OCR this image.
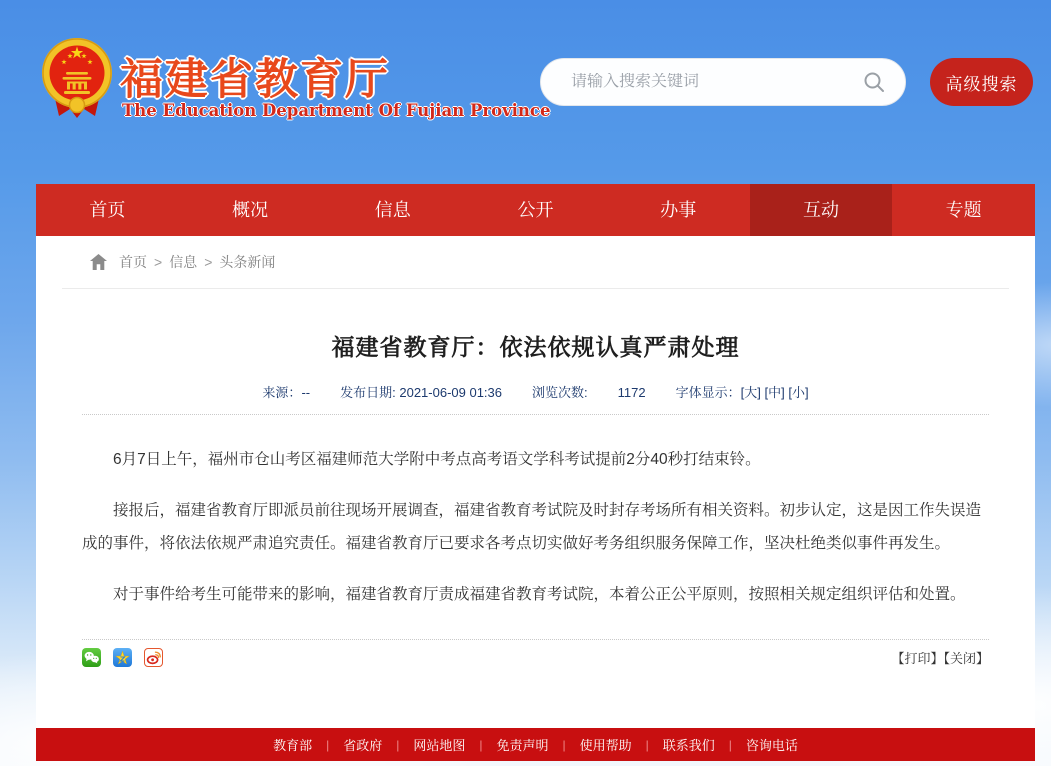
福建省教育厅
The Education Department Of Fujian Province
请输入搜索关键词
高级搜索
首页	概况	信息	公开	办事	互动	专题
首页 > 信息 > 头条新闻
福建省教育厅：依法依规认真严肃处理
来源：-- 发布日期: 2021-06-09 01:36 浏览次数: 1172 字体显示：[大] [中] [小]

6月7日上午，福州市仓山考区福建师范大学附中考点高考语文学科考试提前2分40秒打结束铃。

接报后，福建省教育厅即派员前往现场开展调查，福建省教育考试院及时封存考场所有相关资料。初步认定，这是因工作失误造成的事件，将依法依规严肃追究责任。福建省教育厅已要求各考点切实做好考务组织服务保障工作，坚决杜绝类似事件再发生。

对于事件给考生可能带来的影响，福建省教育厅责成福建省教育考试院，本着公正公平原则，按照相关规定组织评估和处置。

【打印】【关闭】
教育部 | 省政府 | 网站地图 | 免责声明 | 使用帮助 | 联系我们 | 咨询电话
